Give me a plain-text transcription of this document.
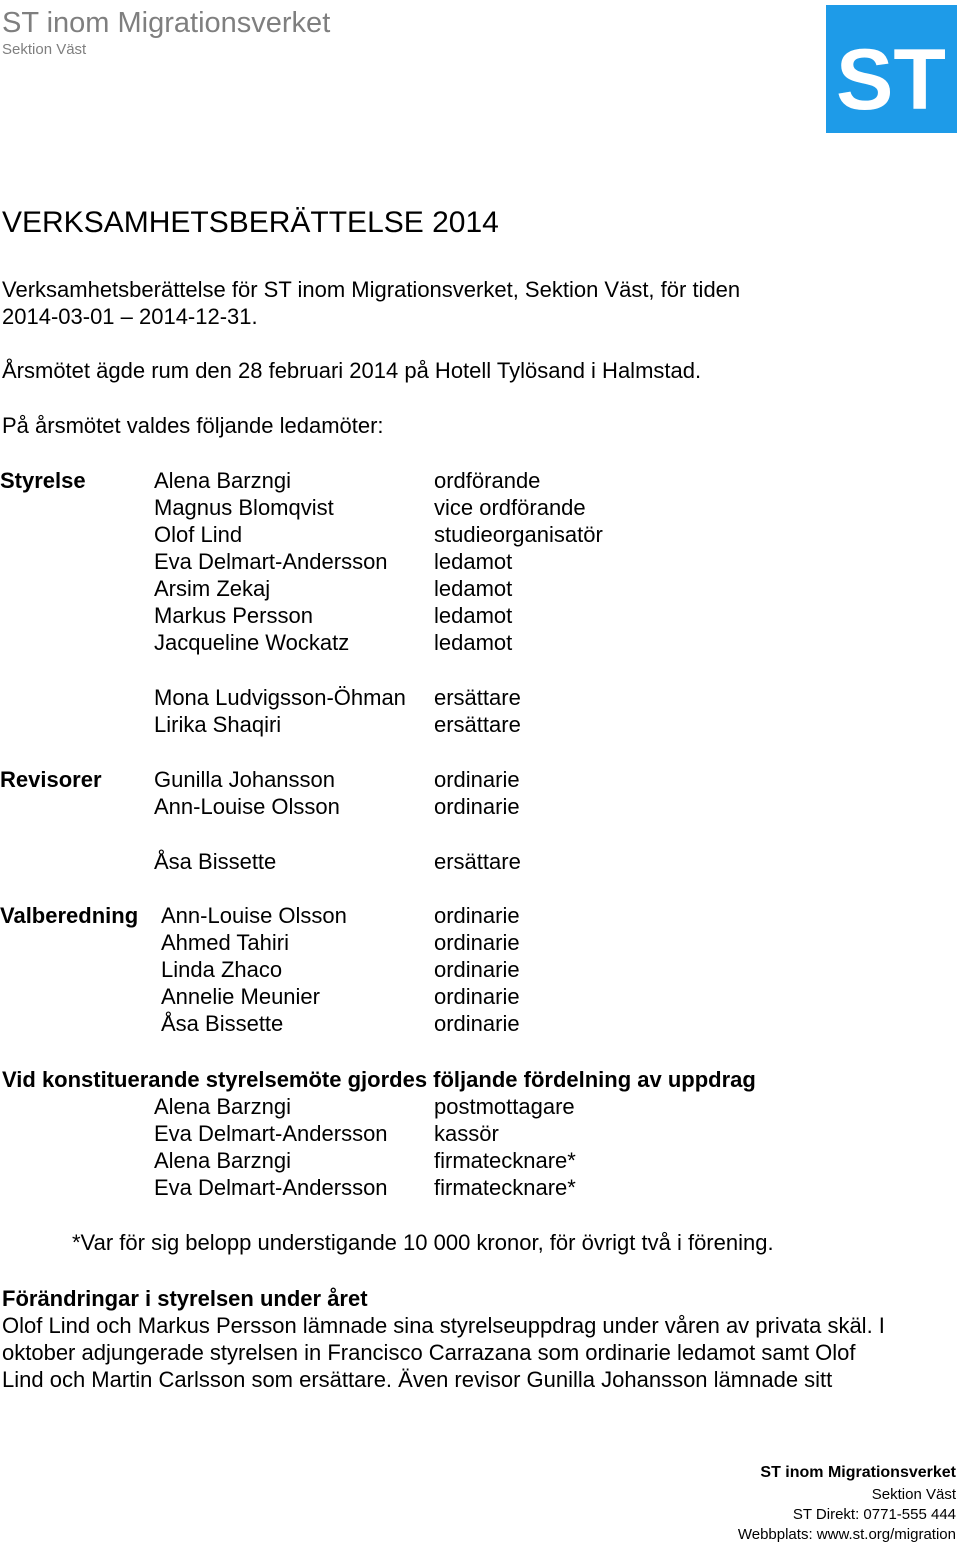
ST inom Migrationsverket
Sektion Väst	ST
VERKSAMHETSBERÄTTELSE 2014
Verksamhetsberättelse för ST inom Migrationsverket, Sektion Väst, för tiden
2014-03-01 – 2014-12-31.
Årsmötet ägde rum den 28 februari 2014 på Hotell Tylösand i Halmstad.
På årsmötet valdes följande ledamöter:
Styrelse	Alena Barzngi	ordförande
Magnus Blomqvist	vice ordförande
Olof Lind	studieorganisatör
Eva Delmart-Andersson ledamot
Arsim Zekaj	ledamot
Markus Persson	ledamot
Jacqueline Wockatz	ledamot
Mona Ludvigsson-Öhman ersättare
Lirika Shaqiri	ersättare
Revisorer Gunilla Johansson	ordinarie
Ann-Louise Olsson	ordinarie
Åsa Bissette	ersättare
Valberedning Ann-Louise Olsson	ordinarie
Ahmed Tahiri	ordinarie
Linda Zhaco	ordinarie
Annelie Meunier	ordinarie
Åsa Bissette	ordinarie
Vid konstituerande styrelsemöte gjordes följande fördelning av uppdrag
Alena Barzngi	postmottagare
Eva Delmart-Andersson kassör
Alena Barzngi	firmatecknare*
Eva Delmart-Andersson firmatecknare*
*Var för sig belopp understigande 10 000 kronor, för övrigt två i förening.
Förändringar i styrelsen under året
Olof Lind och Markus Persson lämnade sina styrelseuppdrag under våren av privata skäl. I
oktober adjungerade styrelsen in Francisco Carrazana som ordinarie ledamot samt Olof
Lind och Martin Carlsson som ersättare. Även revisor Gunilla Johansson lämnade sitt
ST inom Migrationsverket
Sektion Väst
ST Direkt: 0771-555 444
Webbplats: www.st.org/migration
